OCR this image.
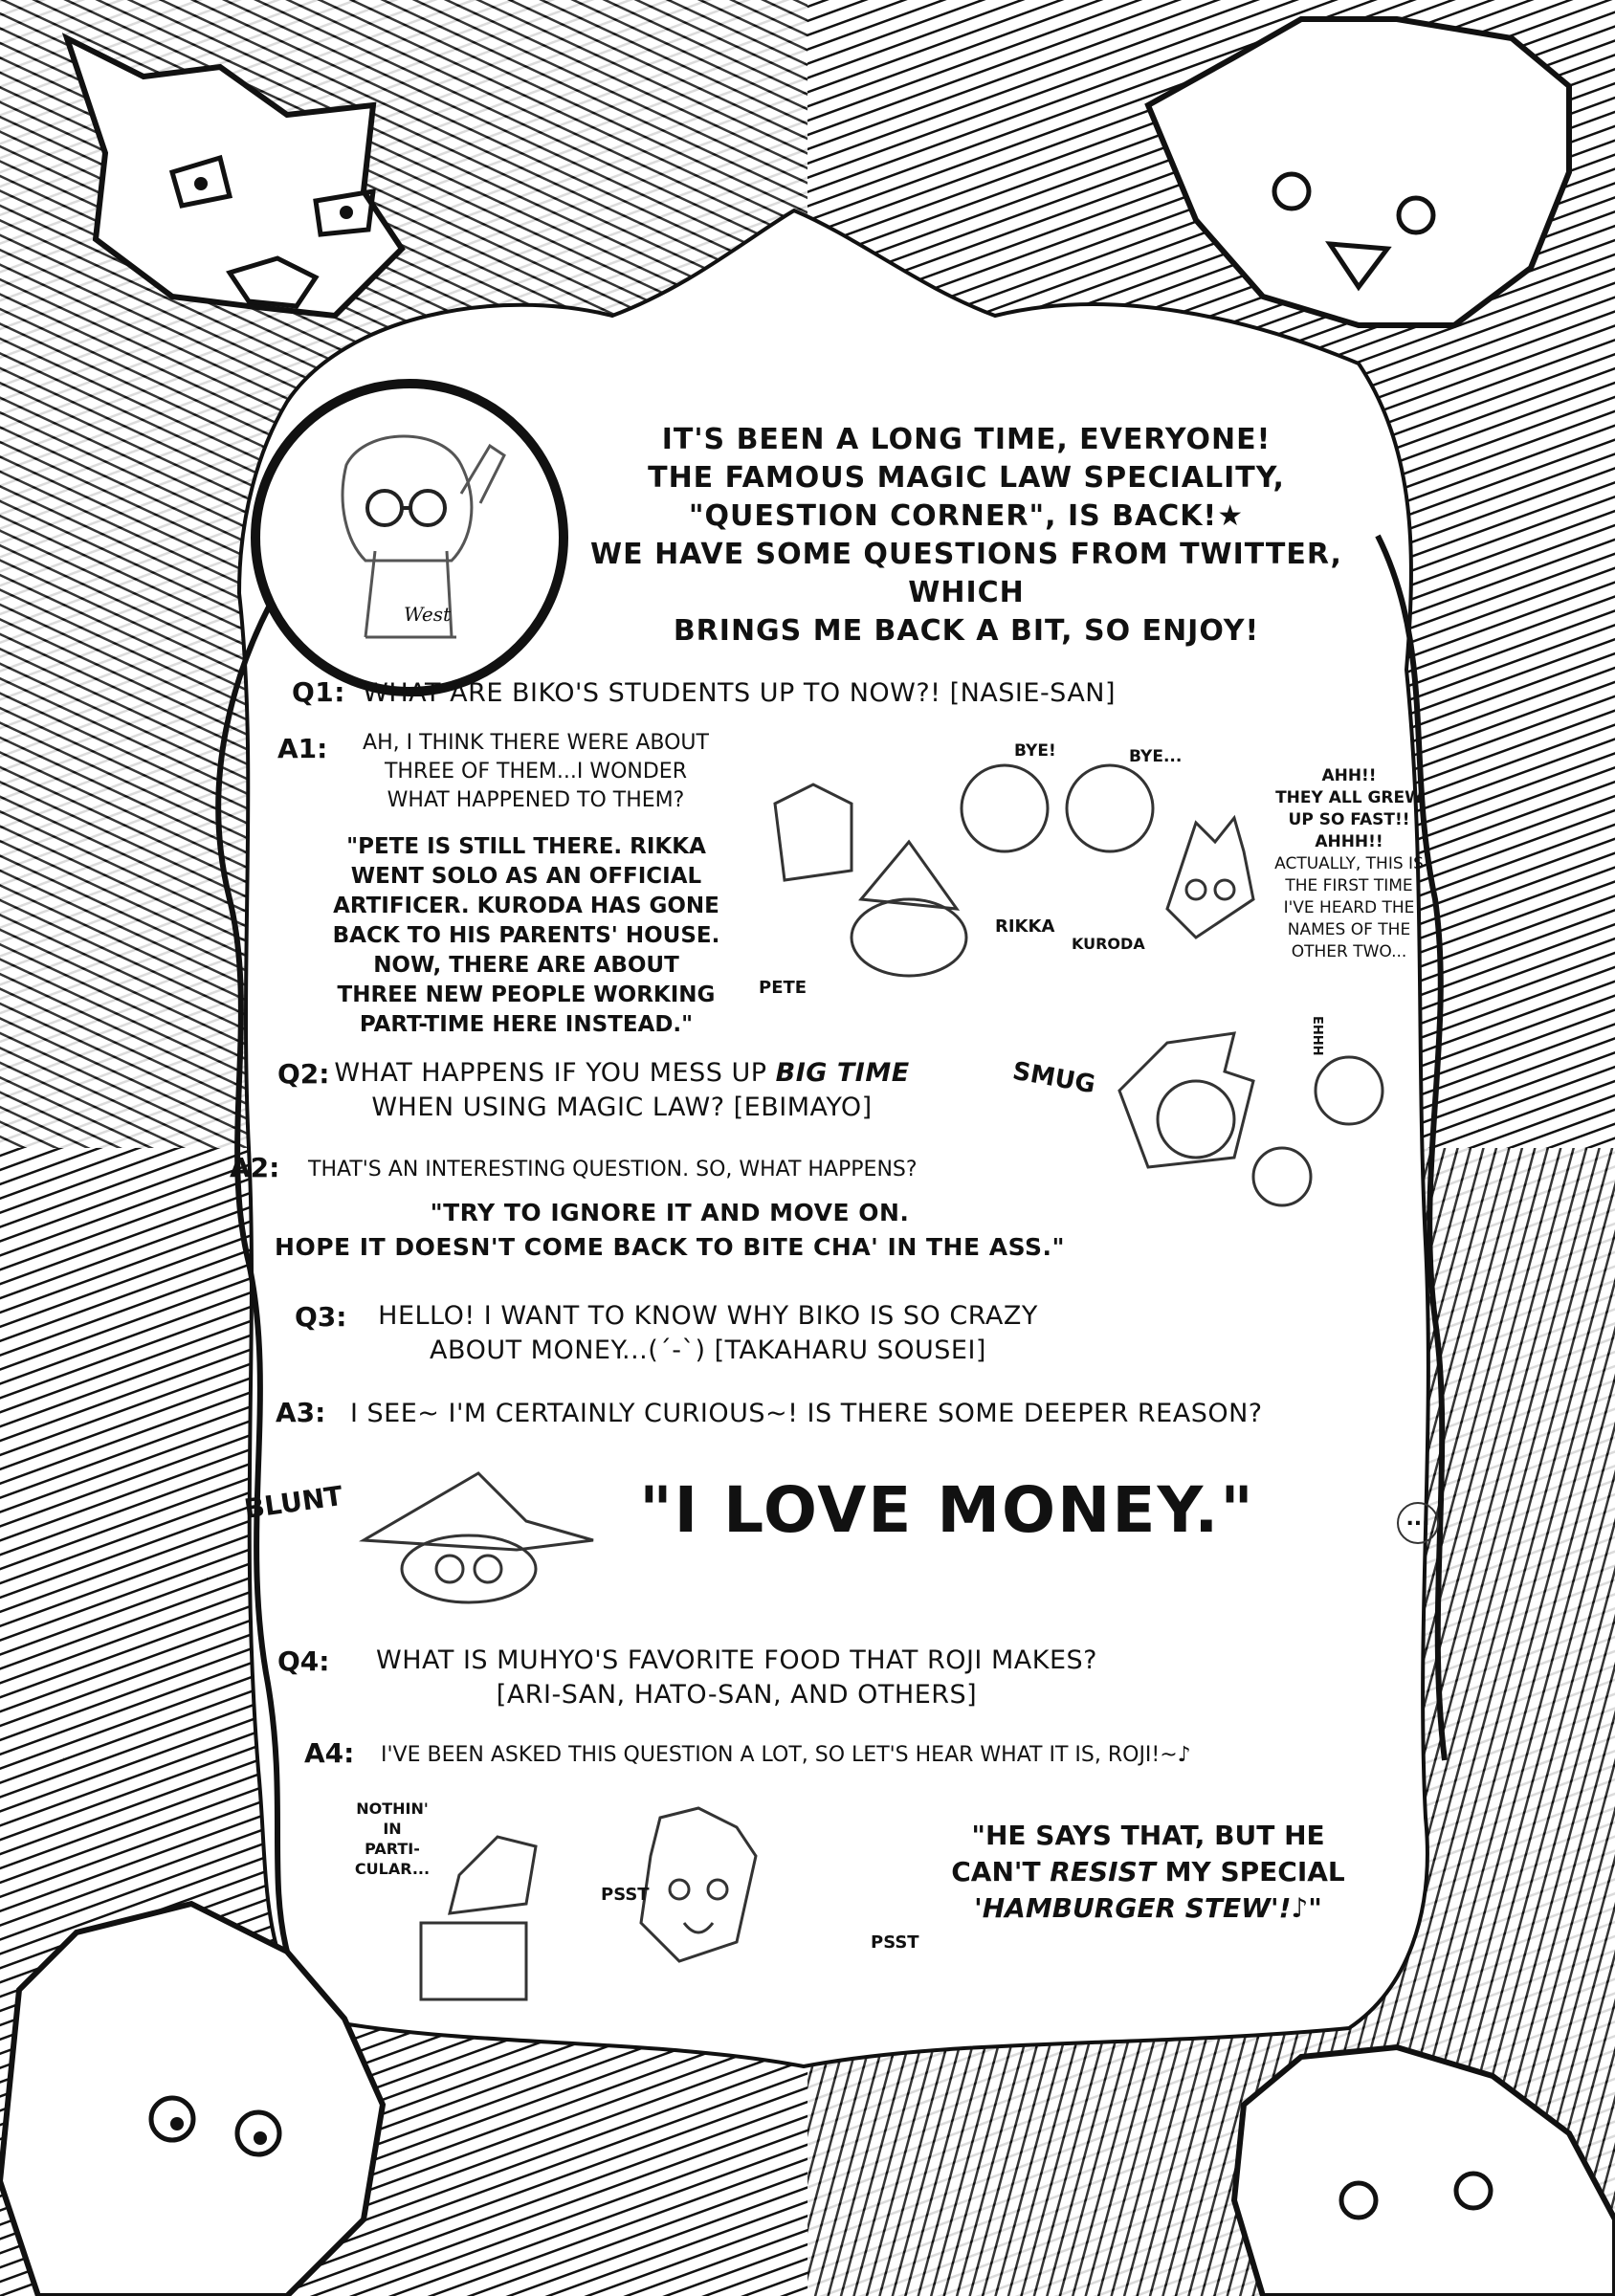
West
IT'S BEEN A LONG TIME, EVERYONE!
THE FAMOUS MAGIC LAW SPECIALITY,
"QUESTION CORNER", IS BACK!★
WE HAVE SOME QUESTIONS FROM TWITTER, WHICH
BRINGS ME BACK A BIT, SO ENJOY!
Q1: WHAT ARE BIKO'S STUDENTS UP TO NOW?! [NASIE-SAN]
A1:	AH, I THINK THERE WERE ABOUT
THREE OF THEM...I WONDER
WHAT HAPPENED TO THEM?
"PETE IS STILL THERE. RIKKA
WENT SOLO AS AN OFFICIAL
ARTIFICER. KURODA HAS GONE
BACK TO HIS PARENTS' HOUSE.
NOW, THERE ARE ABOUT
THREE NEW PEOPLE WORKING
PART-TIME HERE INSTEAD."
BYE!	BYE...
RIKKA
KURODA
PETE
AHH!!
THEY ALL GREW
UP SO FAST!!
AHHH!!
ACTUALLY, THIS IS
THE FIRST TIME
I'VE HEARD THE
NAMES OF THE
OTHER TWO...
Q2: WHAT HAPPENS IF YOU MESS UP BIG TIME
WHEN USING MAGIC LAW? [EBIMAYO]
SMUG
EHHH
A2: THAT'S AN INTERESTING QUESTION. SO, WHAT HAPPENS?
"TRY TO IGNORE IT AND MOVE ON.
HOPE IT DOESN'T COME BACK TO BITE CHA' IN THE ASS."
Q3:	HELLO! I WANT TO KNOW WHY BIKO IS SO CRAZY
ABOUT MONEY...(´-`) [TAKAHARU SOUSEI]
A3: I SEE~ I'M CERTAINLY CURIOUS~! IS THERE SOME DEEPER REASON?
BLUNT	"I LOVE MONEY."	...
Q4:	WHAT IS MUHYO'S FAVORITE FOOD THAT ROJI MAKES?
[ARI-SAN, HATO-SAN, AND OTHERS]
A4: I'VE BEEN ASKED THIS QUESTION A LOT, SO LET'S HEAR WHAT IT IS, ROJI!~♪
NOTHIN'
IN
PARTI-
CULAR...
PSST
PSST
"HE SAYS THAT, BUT HE
CAN'T RESIST MY SPECIAL
'HAMBURGER STEW'!♪"
